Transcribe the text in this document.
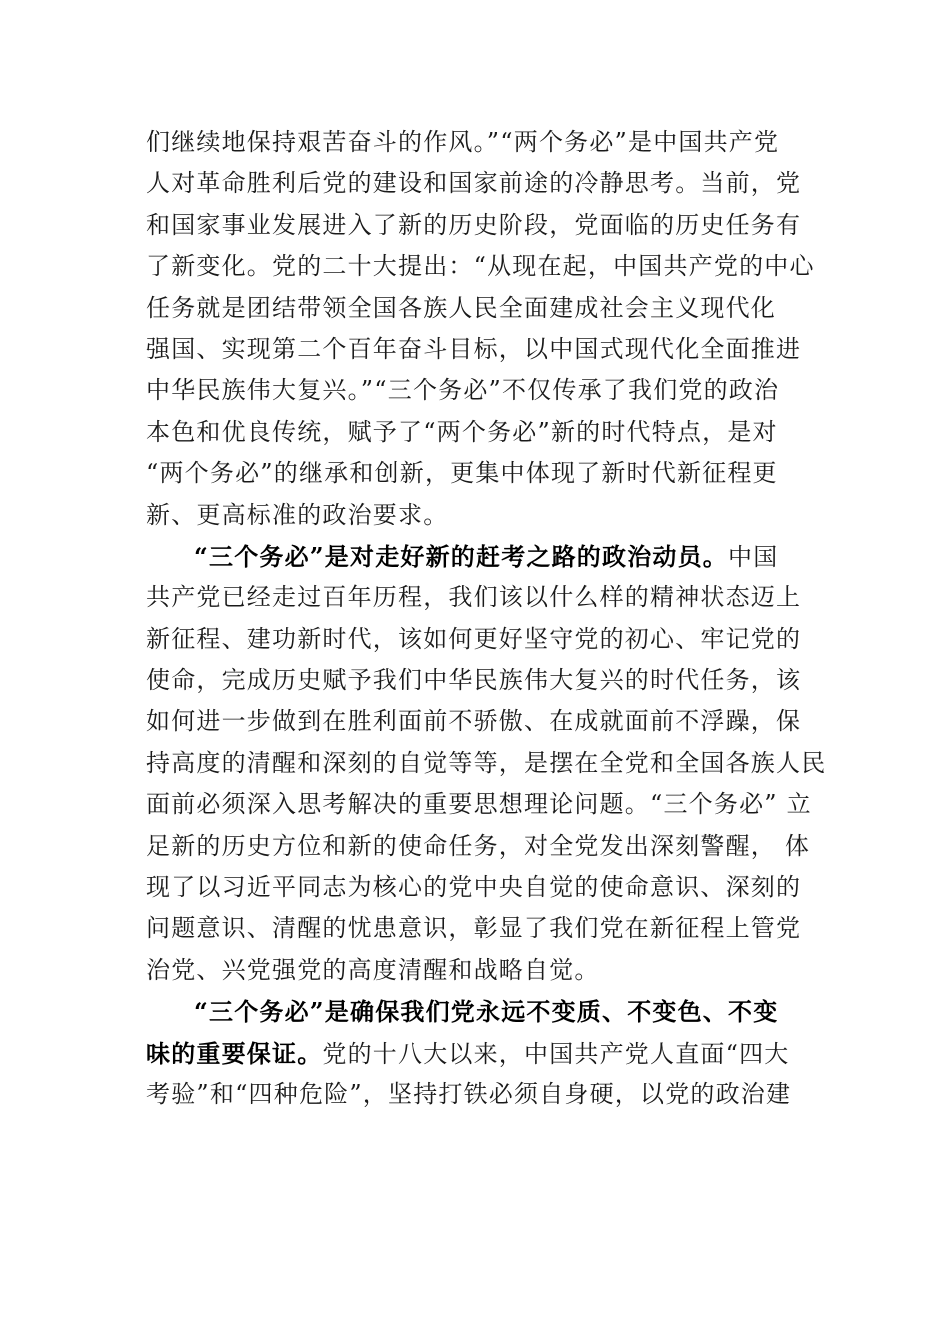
们继续地保持艰苦奋斗的作风。”“两个务必”是中国共产党
人对革命胜利后党的建设和国家前途的冷静思考。当前，党
和国家事业发展进入了新的历史阶段，党面临的历史任务有
了新变化。党的二十大提出：“从现在起，中国共产党的中心
任务就是团结带领全国各族人民全面建成社会主义现代化
强国、实现第二个百年奋斗目标，以中国式现代化全面推进
中华民族伟大复兴。”“三个务必”不仅传承了我们党的政治
本色和优良传统，赋予了“两个务必”新的时代特点，是对
“两个务必”的继承和创新，更集中体现了新时代新征程更
新、更高标准的政治要求。
“三个务必”是对走好新的赶考之路的政治动员。中国
共产党已经走过百年历程，我们该以什么样的精神状态迈上
新征程、建功新时代，该如何更好坚守党的初心、牢记党的
使命，完成历史赋予我们中华民族伟大复兴的时代任务，该
如何进一步做到在胜利面前不骄傲、在成就面前不浮躁，保
持高度的清醒和深刻的自觉等等，是摆在全党和全国各族人民
面前必须深入思考解决的重要思想理论问题。“三个务必” 立
足新的历史方位和新的使命任务，对全党发出深刻警醒， 体
现了以习近平同志为核心的党中央自觉的使命意识、深刻的
问题意识、清醒的忧患意识，彰显了我们党在新征程上管党
治党、兴党强党的高度清醒和战略自觉。
“三个务必”是确保我们党永远不变质、不变色、不变
味的重要保证。党的十八大以来，中国共产党人直面“四大
考验”和“四种危险”，坚持打铁必须自身硬，以党的政治建
